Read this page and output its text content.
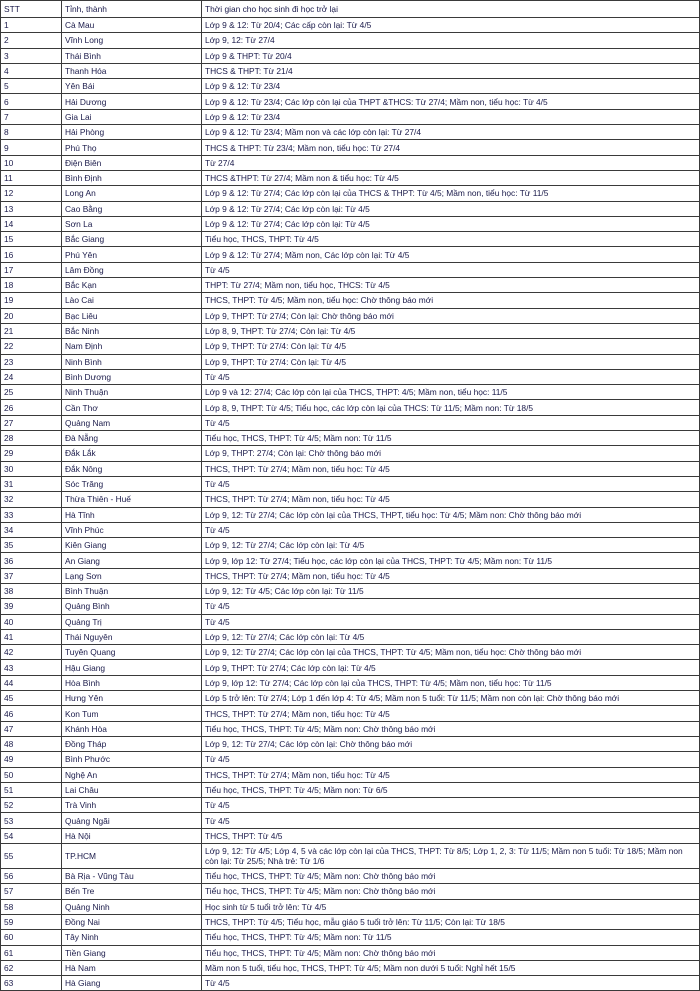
STT	Tỉnh, thành	Thời gian cho học sinh đi học trở lại
1	Cà Mau	Lớp 9 & 12: Từ 20/4; Các cấp còn lại: Từ 4/5
2	Vĩnh Long	Lớp 9, 12: Từ 27/4
3	Thái Bình	Lớp 9 & THPT: Từ 20/4
4	Thanh Hóa	THCS & THPT: Từ 21/4
5	Yên Bái	Lớp 9 & 12: Từ 23/4
6	Hải Dương	Lớp 9 & 12: Từ 23/4; Các lớp còn lại của THPT &THCS: Từ 27/4; Mầm non, tiểu học: Từ 4/5
7	Gia Lai	Lớp 9 & 12: Từ 23/4
8	Hải Phòng	Lớp 9 & 12: Từ 23/4; Mầm non và các lớp còn lại: Từ 27/4
9	Phú Thọ	THCS & THPT: Từ 23/4; Mầm non, tiểu học: Từ 27/4
10	Điện Biên	Từ 27/4
11	Bình Định	THCS &THPT: Từ 27/4; Mầm non & tiểu học: Từ 4/5
12	Long An	Lớp 9 & 12: Từ 27/4; Các lớp còn lại của THCS & THPT: Từ 4/5; Mầm non, tiểu học: Từ 11/5
13	Cao Bằng	Lớp 9 & 12: Từ 27/4; Các lớp còn lại: Từ 4/5
14	Sơn La	Lớp 9 & 12: Từ 27/4; Các lớp còn lại: Từ 4/5
15	Bắc Giang	Tiểu học, THCS, THPT: Từ 4/5
16	Phú Yên	Lớp 9 & 12: Từ 27/4; Mầm non, Các lớp còn lại: Từ 4/5
17	Lâm Đồng	Từ 4/5
18	Bắc Kạn	THPT: Từ 27/4; Mầm non, tiểu học, THCS: Từ 4/5
19	Lào Cai	THCS, THPT: Từ 4/5; Mầm non, tiểu học: Chờ thông báo mới
20	Bạc Liêu	Lớp 9, THPT: Từ 27/4; Còn lại: Chờ thông báo mới
21	Bắc Ninh	Lớp 8, 9, THPT: Từ 27/4; Còn lại: Từ 4/5
22	Nam Định	Lớp 9, THPT: Từ 27/4: Còn lại: Từ 4/5
23	Ninh Bình	Lớp 9, THPT: Từ 27/4: Còn lại: Từ 4/5
24	Bình Dương	Từ 4/5
25	Ninh Thuận	Lớp 9 và 12: 27/4; Các lớp còn lại của THCS, THPT: 4/5; Mầm non, tiểu học: 11/5
26	Cần Thơ	Lớp 8, 9, THPT: Từ 4/5; Tiểu học, các lớp còn lại của THCS: Từ 11/5; Mầm non: Từ 18/5
27	Quảng Nam	Từ 4/5
28	Đà Nẵng	Tiểu học, THCS, THPT: Từ 4/5; Mầm non: Từ 11/5
29	Đắk Lắk	Lớp 9, THPT: 27/4; Còn lại: Chờ thông báo mới
30	Đắk Nông	THCS, THPT: Từ 27/4; Mầm non, tiểu học: Từ 4/5
31	Sóc Trăng	Từ 4/5
32	Thừa Thiên - Huế	THCS, THPT: Từ 27/4; Mầm non, tiểu học: Từ 4/5
33	Hà Tĩnh	Lớp 9, 12: Từ 27/4; Các lớp còn lại của THCS, THPT, tiểu học: Từ 4/5; Mầm non: Chờ thông báo mới
34	Vĩnh Phúc	Từ 4/5
35	Kiên Giang	Lớp 9, 12: Từ 27/4; Các lớp còn lại: Từ 4/5
36	An Giang	Lớp 9, lớp 12: Từ 27/4; Tiểu học, các lớp còn lại của THCS, THPT: Từ 4/5; Mầm non: Từ 11/5
37	Lạng Sơn	THCS, THPT: Từ 27/4; Mầm non, tiểu học: Từ 4/5
38	Bình Thuận	Lớp 9, 12: Từ 4/5; Các lớp còn lại: Từ 11/5
39	Quảng Bình	Từ 4/5
40	Quảng Trị	Từ 4/5
41	Thái Nguyên	Lớp 9, 12: Từ 27/4; Các lớp còn lại: Từ 4/5
42	Tuyên Quang	Lớp 9, 12: Từ 27/4; Các lớp còn lại của THCS, THPT: Từ 4/5; Mầm non, tiểu học: Chờ thông báo mới
43	Hậu Giang	Lớp 9, THPT: Từ 27/4; Các lớp còn lại: Từ 4/5
44	Hòa Bình	Lớp 9, lớp 12: Từ 27/4; Các lớp còn lại của THCS, THPT: Từ 4/5; Mầm non, tiểu học: Từ 11/5
45	Hưng Yên	Lớp 5 trở lên: Từ 27/4; Lớp 1 đến lớp 4: Từ 4/5; Mầm non 5 tuổi: Từ 11/5; Mầm non còn lại: Chờ thông báo mới
46	Kon Tum	THCS, THPT: Từ 27/4; Mầm non, tiểu học: Từ 4/5
47	Khánh Hòa	Tiểu học, THCS, THPT: Từ 4/5; Mầm non: Chờ thông báo mới
48	Đồng Tháp	Lớp 9, 12: Từ 27/4; Các lớp còn lại: Chờ thông báo mới
49	Bình Phước	Từ 4/5
50	Nghệ An	THCS, THPT: Từ 27/4; Mầm non, tiểu học: Từ 4/5
51	Lai Châu	Tiểu học, THCS, THPT: Từ 4/5; Mầm non: Từ 6/5
52	Trà Vinh	Từ 4/5
53	Quảng Ngãi	Từ 4/5
54	Hà Nội	THCS, THPT: Từ 4/5
55	TP.HCM	Lớp 9, 12: Từ 4/5; Lớp 4, 5 và các lớp còn lại của THCS, THPT: Từ 8/5; Lớp 1, 2, 3: Từ 11/5; Mầm non 5 tuổi: Từ 18/5; Mầm non còn lại: Từ 25/5; Nhà trẻ: Từ 1/6
56	Bà Rịa - Vũng Tàu	Tiểu học, THCS, THPT: Từ 4/5; Mầm non: Chờ thông báo mới
57	Bến Tre	Tiểu học, THCS, THPT: Từ 4/5; Mầm non: Chờ thông báo mới
58	Quảng Ninh	Học sinh từ 5 tuổi trở lên: Từ 4/5
59	Đồng Nai	THCS, THPT: Từ 4/5; Tiểu học, mẫu giáo 5 tuổi trở lên: Từ 11/5; Còn lại: Từ 18/5
60	Tây Ninh	Tiểu học, THCS, THPT: Từ 4/5; Mầm non: Từ 11/5
61	Tiền Giang	Tiểu học, THCS, THPT: Từ 4/5; Mầm non: Chờ thông báo mới
62	Hà Nam	Mầm non 5 tuổi, tiểu học, THCS, THPT: Từ 4/5; Mầm non dưới 5 tuổi: Nghỉ hết 15/5
63	Hà Giang	Từ 4/5
